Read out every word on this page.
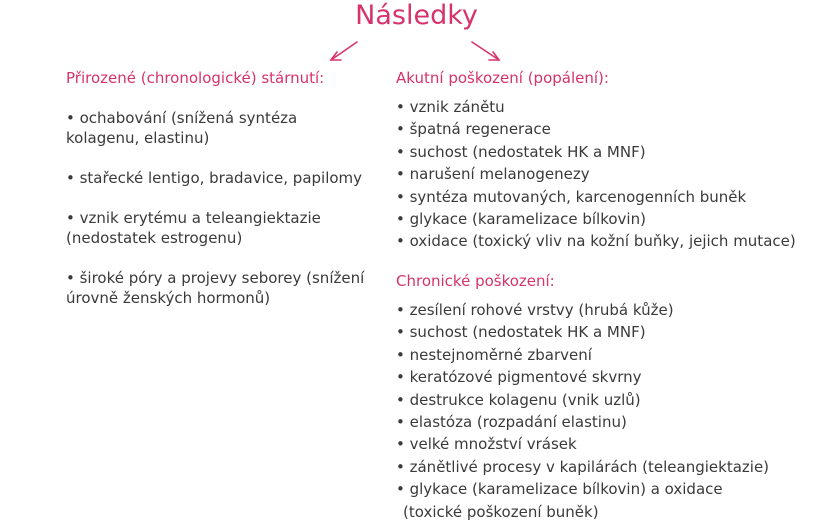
Následky
Přirozené (chronologické) stárnutí:
• ochabování (snížená syntéza kolagenu, elastinu)
• stařecké lentigo, bradavice, papilomy
• vznik erytému a teleangiektazie (nedostatek estrogenu)
• široké póry a projevy seborey (snížení úrovně ženských hormonů)
Akutní poškození (popálení):
• vznik zánětu
• špatná regenerace
• suchost (nedostatek HK a MNF)
• narušení melanogenezy
• syntéza mutovaných, karcenogenních buněk
• glykace (karamelizace bílkovin)
• oxidace (toxický vliv na kožní buňky, jejich mutace)
Chronické poškození:
• zesílení rohové vrstvy (hrubá kůže)
• suchost (nedostatek HK a MNF)
• nestejnoměrné zbarvení
• keratózové pigmentové skvrny
• destrukce kolagenu (vnik uzlů)
• elastóza (rozpadání elastinu)
• velké množství vrásek
• zánětlivé procesy v kapilárách (teleangiektazie)
• glykace (karamelizace bílkovin) a oxidace
(toxické poškození buněk)
